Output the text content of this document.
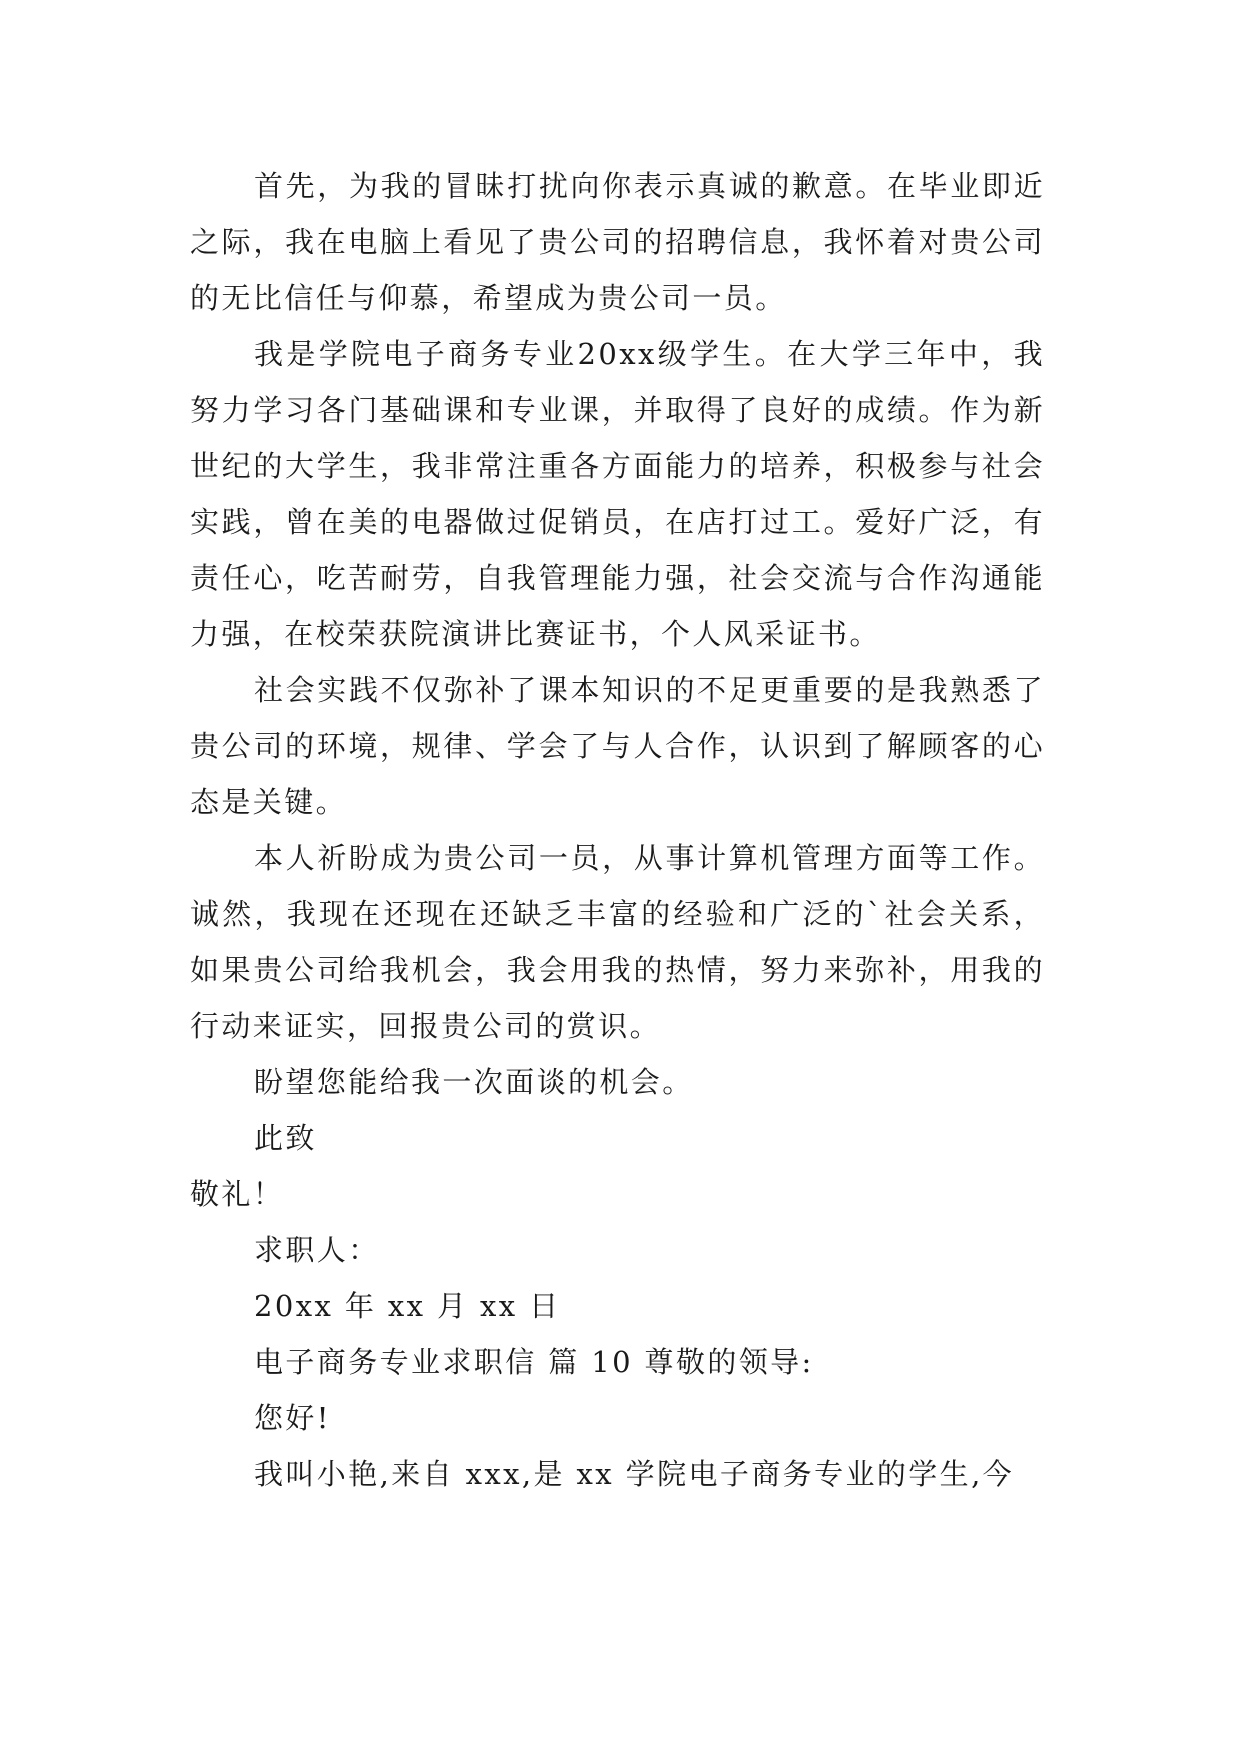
首先，为我的冒昧打扰向你表示真诚的歉意。在毕业即近之际，我在电脑上看见了贵公司的招聘信息，我怀着对贵公司的无比信任与仰慕，希望成为贵公司一员。

我是学院电子商务专业20xx级学生。在大学三年中，我努力学习各门基础课和专业课，并取得了良好的成绩。作为新世纪的大学生，我非常注重各方面能力的培养，积极参与社会实践，曾在美的电器做过促销员，在店打过工。爱好广泛，有责任心，吃苦耐劳，自我管理能力强，社会交流与合作沟通能力强，在校荣获院演讲比赛证书，个人风采证书。

社会实践不仅弥补了课本知识的不足更重要的是我熟悉了贵公司的环境，规律、学会了与人合作，认识到了解顾客的心态是关键。

本人祈盼成为贵公司一员，从事计算机管理方面等工作。诚然，我现在还现在还缺乏丰富的经验和广泛的`社会关系，如果贵公司给我机会，我会用我的热情，努力来弥补，用我的行动来证实，回报贵公司的赏识。

盼望您能给我一次面谈的机会。

此致

敬礼！

求职人：

20xx 年 xx 月 xx 日

电子商务专业求职信 篇 10 尊敬的领导:

您好!

我叫小艳,来自 xxx,是 xx 学院电子商务专业的学生,今
